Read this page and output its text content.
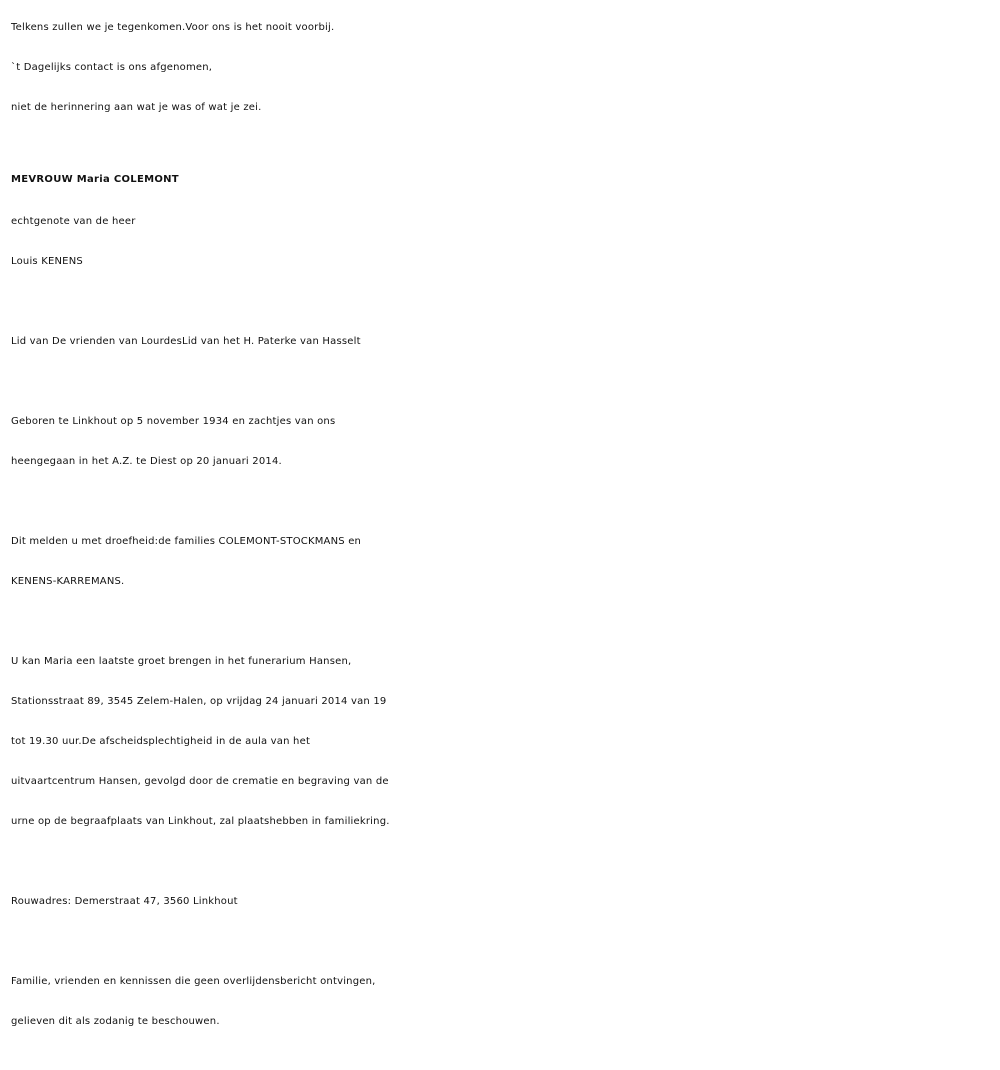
Telkens zullen we je tegenkomen.Voor ons is het nooit voorbij.

`t Dagelijks contact is ons afgenomen,

niet de herinnering aan wat je was of wat je zei.

MEVROUW Maria COLEMONT

echtgenote van de heer

Louis KENENS

Lid van De vrienden van LourdesLid van het H. Paterke van Hasselt

Geboren te Linkhout op 5 november 1934 en zachtjes van ons

heengegaan in het A.Z. te Diest op 20 januari 2014.

Dit melden u met droefheid:de families COLEMONT-STOCKMANS en

KENENS-KARREMANS.

U kan Maria een laatste groet brengen in het funerarium Hansen,

Stationsstraat 89, 3545 Zelem-Halen, op vrijdag 24 januari 2014 van 19

tot 19.30 uur.De afscheidsplechtigheid in de aula van het

uitvaartcentrum Hansen, gevolgd door de crematie en begraving van de

urne op de begraafplaats van Linkhout, zal plaatshebben in familiekring.

Rouwadres: Demerstraat 47, 3560 Linkhout

Familie, vrienden en kennissen die geen overlijdensbericht ontvingen,

gelieven dit als zodanig te beschouwen.
